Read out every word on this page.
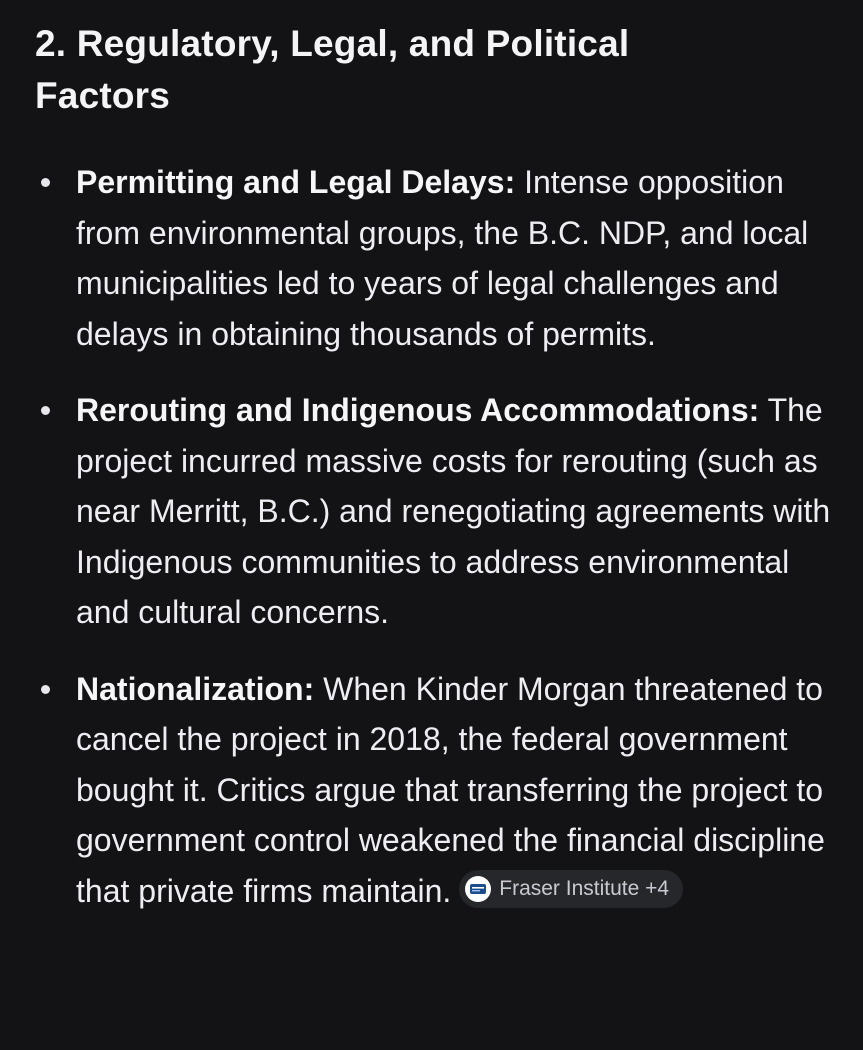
2. Regulatory, Legal, and Political Factors
Permitting and Legal Delays: Intense opposition from environmental groups, the B.C. NDP, and local municipalities led to years of legal challenges and delays in obtaining thousands of permits.
Rerouting and Indigenous Accommodations: The project incurred massive costs for rerouting (such as near Merritt, B.C.) and renegotiating agreements with Indigenous communities to address environmental and cultural concerns.
Nationalization: When Kinder Morgan threatened to cancel the project in 2018, the federal government bought it. Critics argue that transferring the project to government control weakened the financial discipline that private firms maintain. Fraser Institute +4
